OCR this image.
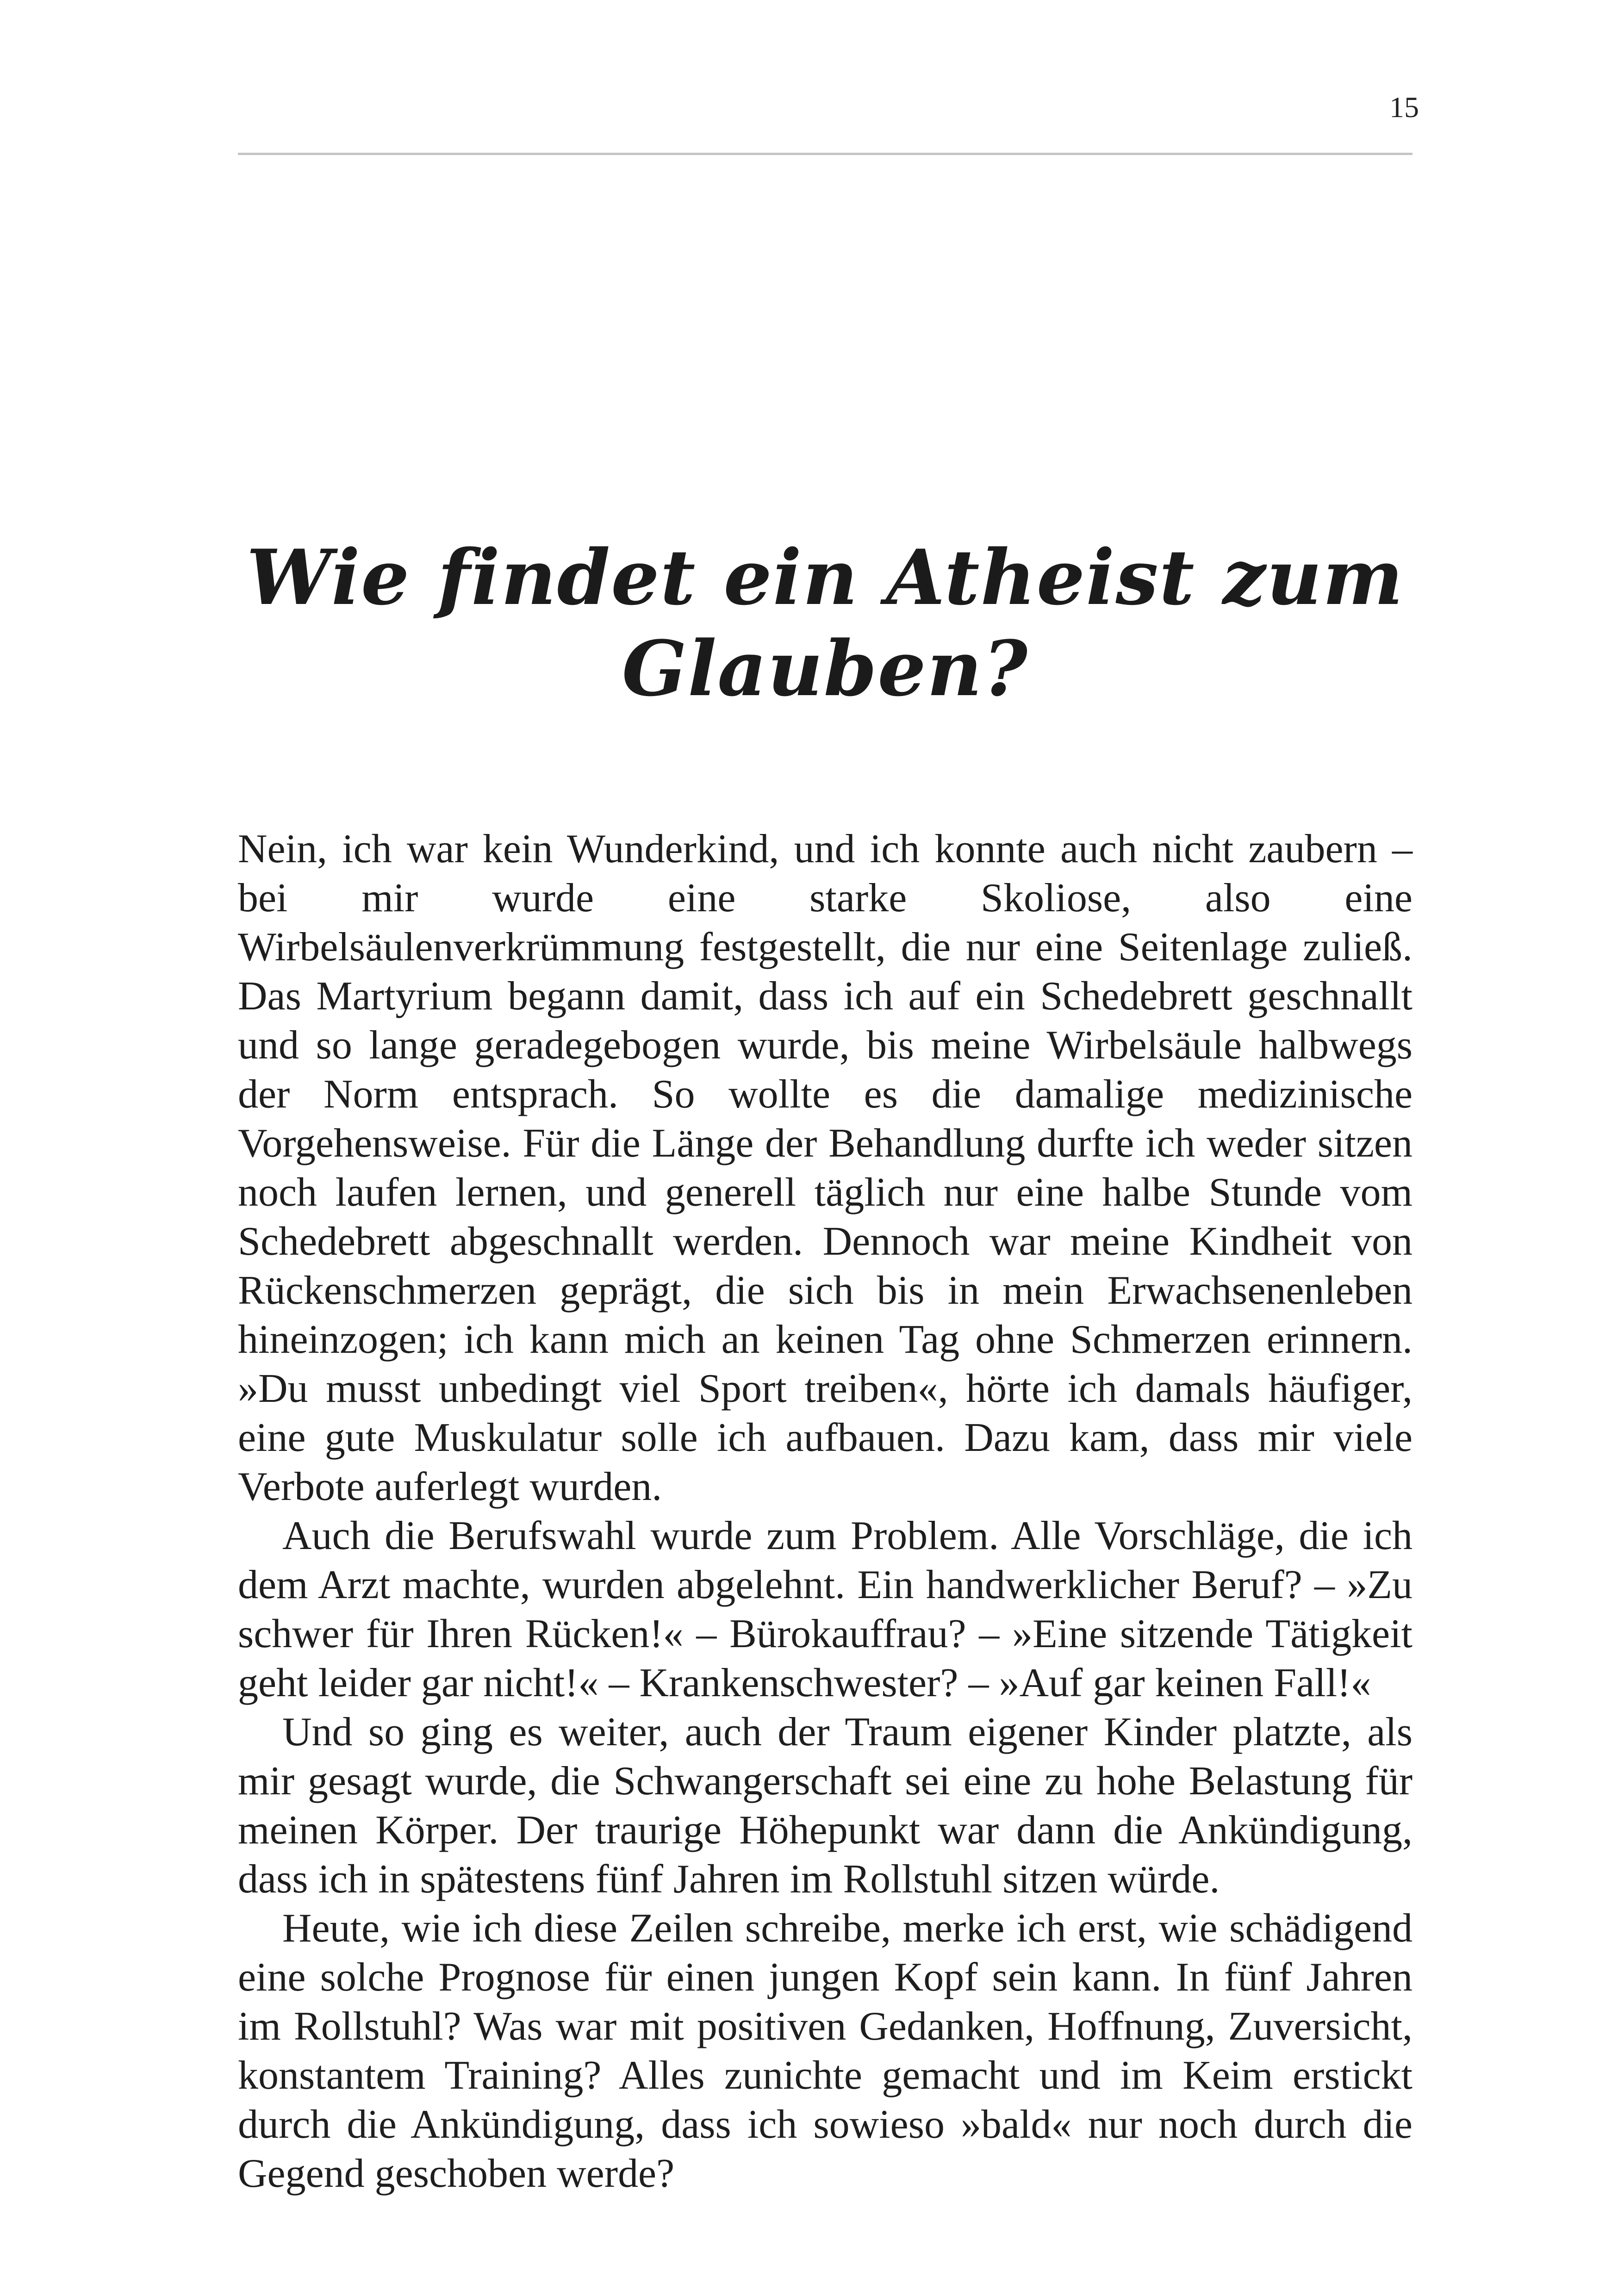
15
Wie findet ein Atheist zum Glauben?

Nein, ich war kein Wunderkind, und ich konnte auch nicht zaubern – bei mir wurde eine starke Skoliose, also eine Wirbelsäulenverkrümmung festgestellt, die nur eine Seitenlage zuließ. Das Martyrium begann damit, dass ich auf ein Schedebrett geschnallt und so lange geradegebogen wurde, bis meine Wirbelsäule halbwegs der Norm entsprach. So wollte es die damalige medizinische Vorgehensweise. Für die Länge der Behandlung durfte ich weder sitzen noch laufen lernen, und generell täglich nur eine halbe Stunde vom Schedebrett abgeschnallt werden. Dennoch war meine Kindheit von Rückenschmerzen geprägt, die sich bis in mein Erwachsenenleben hineinzogen; ich kann mich an keinen Tag ohne Schmerzen erinnern. »Du musst unbedingt viel Sport treiben«, hörte ich damals häufiger, eine gute Muskulatur solle ich aufbauen. Dazu kam, dass mir viele Verbote auferlegt wurden.

Auch die Berufswahl wurde zum Problem. Alle Vorschläge, die ich dem Arzt machte, wurden abgelehnt. Ein handwerklicher Beruf? – »Zu schwer für Ihren Rücken!« – Bürokauffrau? – »Eine sitzende Tätigkeit geht leider gar nicht!« – Krankenschwester? – »Auf gar keinen Fall!«

Und so ging es weiter, auch der Traum eigener Kinder platzte, als mir gesagt wurde, die Schwangerschaft sei eine zu hohe Belastung für meinen Körper. Der traurige Höhepunkt war dann die Ankündigung, dass ich in spätestens fünf Jahren im Rollstuhl sitzen würde.

Heute, wie ich diese Zeilen schreibe, merke ich erst, wie schädigend eine solche Prognose für einen jungen Kopf sein kann. In fünf Jahren im Rollstuhl? Was war mit positiven Gedanken, Hoffnung, Zuversicht, konstantem Training? Alles zunichte gemacht und im Keim erstickt durch die Ankündigung, dass ich sowieso »bald« nur noch durch die Gegend geschoben werde?
